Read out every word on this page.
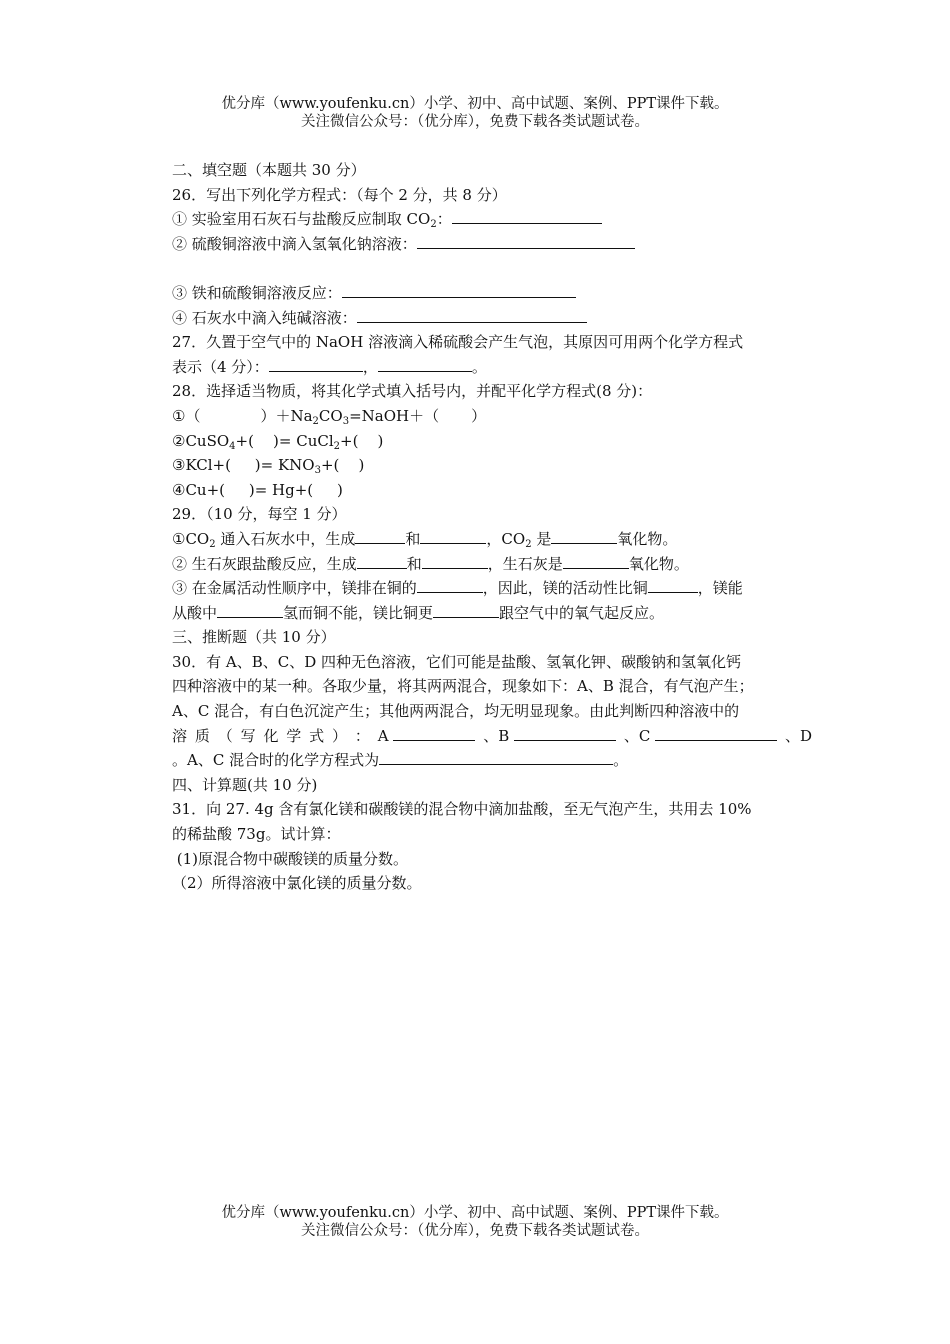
优分库（www.youfenku.cn）小学、初中、高中试题、案例、PPT课件下载。
关注微信公众号：（优分库），免费下载各类试题试卷。
二、填空题（本题共 30 分）
26．写出下列化学方程式：（每个 2 分，共 8 分）
① 实验室用石灰石与盐酸反应制取 $CO_2$：
② 硫酸铜溶液中滴入氢氧化钠溶液：
③ 铁和硫酸铜溶液反应：
④ 石灰水中滴入纯碱溶液：
27．久置于空气中的 NaOH 溶液滴入稀硫酸会产生气泡，其原因可用两个化学方程式
表示（4 分）：	，	。
28．选择适当物质，将其化学式填入括号内，并配平化学方程式(8 分)：
①（	）$+Na_2CO_3=NaOH+$（ ）
②CuSO$_4$+(    )= CuCl$_2$+(    )
③KCl+(     )= $KNO_3+$(    )
④Cu+(     )= Hg+(     )
29．（10 分，每空 1 分）
$①CO_2$ 通入石灰水中，生成	和	，$CO_2$ 是	氧化物。
② 生石灰跟盐酸反应，生成	和	，生石灰是	氧化物。
③ 在金属活动性顺序中，镁排在铜的	，因此，镁的活动性比铜	，镁能
从酸中	氢而铜不能，镁比铜更	跟空气中的氧气起反应。
三、推断题（共 10 分）
30．有 A、B、C、D 四种无色溶液，它们可能是盐酸、氢氧化钾、碳酸钠和氢氧化钙
四种溶液中的某一种。各取少量，将其两两混合，现象如下：A、B 混合，有气泡产生；
A、C 混合，有白色沉淀产生；其他两两混合，均无明显现象。由此判断四种溶液中的
溶 质 （ 写 化 学 式 ） ： A	、B	、C	、D
。A、C 混合时的化学方程式为	。
四、计算题(共 10 分)
31．向 27. 4g 含有氯化镁和碳酸镁的混合物中滴加盐酸，至无气泡产生，共用去 10%
的稀盐酸 73g。试计算：
(1)原混合物中碳酸镁的质量分数。
（2）所得溶液中氯化镁的质量分数。
优分库（www.youfenku.cn）小学、初中、高中试题、案例、PPT课件下载。
关注微信公众号：（优分库），免费下载各类试题试卷。
